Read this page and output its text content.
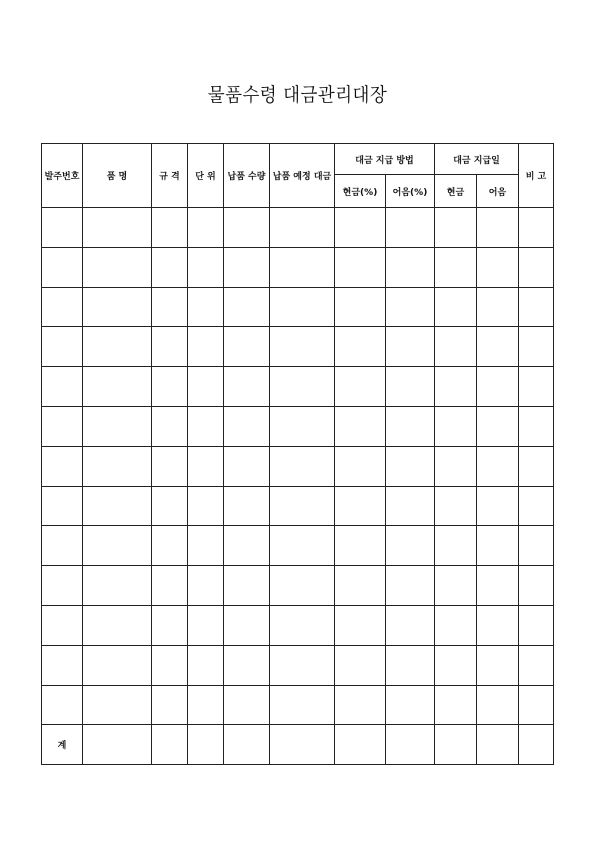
물품수령 대금관리대장
발주번호	품 명	규 격	단 위	납품 수량	납품 예정 대금	대금 지급 방법		대금 지급일		비 고
						현금(%)	어음(%)	현금	어음	

계										
